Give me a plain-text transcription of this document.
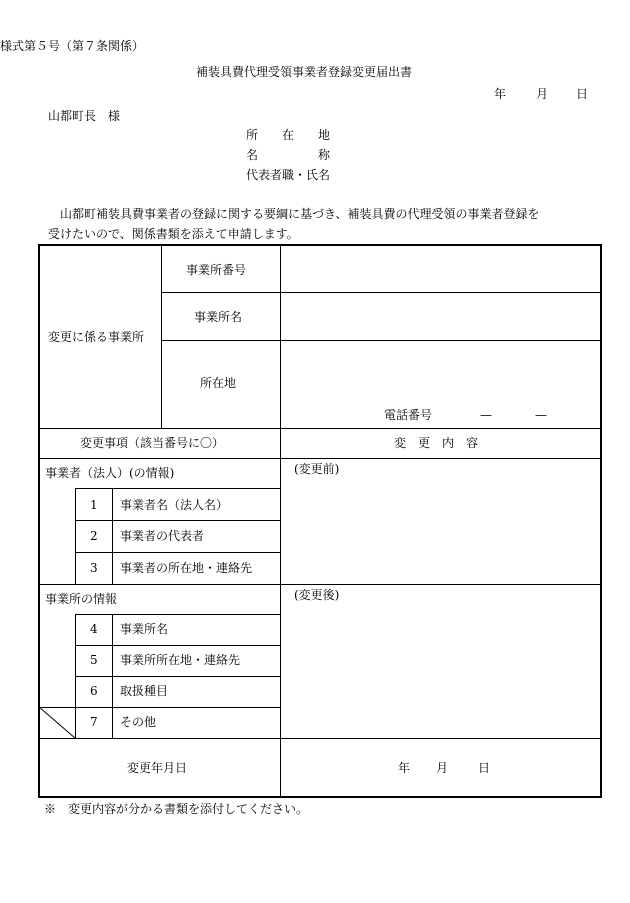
様式第５号（第７条関係）
補装具費代理受領事業者登録変更届出書
年 月 日
山都町長　様
所　　在　　地
名　　　　　称
代表者職・氏名
山都町補装具費事業者の登録に関する要綱に基づき、補装具費の代理受領の事業者登録を
受けたいので、関係書類を添えて申請します。
変更に係る事業所
事業所番号
事業所名
所在地
電話番号	—	—
変更事項（該当番号に〇）	変　更　内　容
事業者（法人）(の情報)	(変更前)
1 事業者名（法人名）
2 事業者の代表者
3 事業者の所在地・連絡先
事業所の情報	(変更後)
4 事業所名
5 事業所所在地・連絡先
6 取扱種目
7 その他
変更年月日	年 月 日
※　変更内容が分かる書類を添付してください。
